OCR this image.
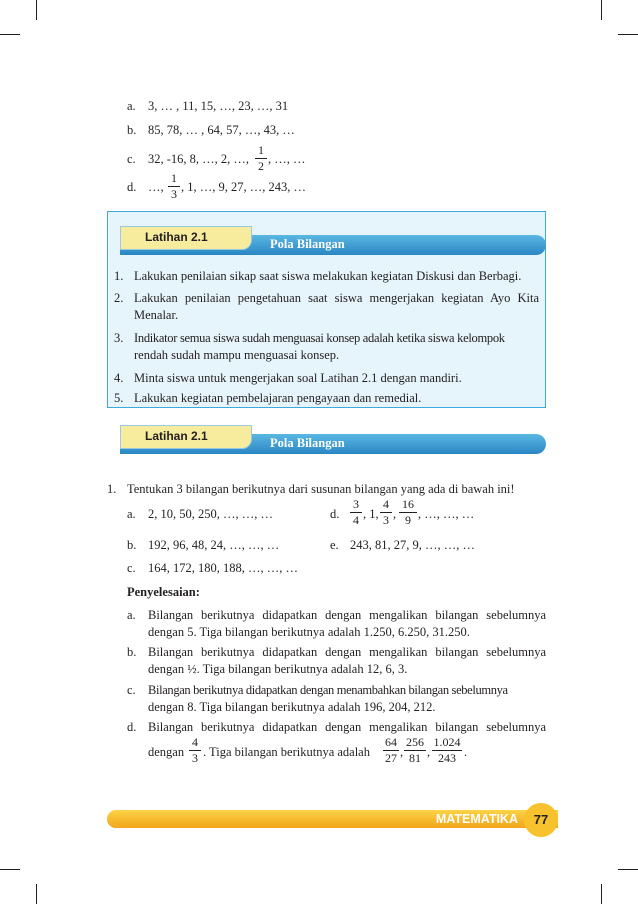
a. 3, … , 11, 15, …, 23, …, 31
b. 85, 78, … , 64, 57, …, 43, …
c. 32, -16, 8, …, 2, …,
1
2 , …, …
d. …,
1
3 , 1, …, 9, 27, …, 243, …
Pola Bilangan
Latihan 2.1
1. Lakukan penilaian sikap saat siswa melakukan kegiatan Diskusi dan Berbagi.
2. Lakukan penilaian pengetahuan saat siswa mengerjakan kegiatan Ayo Kita
Menalar.
3. Indikator semua siswa sudah menguasai konsep adalah ketika siswa kelompok
rendah sudah mampu menguasai konsep.
4. Minta siswa untuk mengerjakan soal Latihan 2.1 dengan mandiri.
5. Lakukan kegiatan pembelajaran pengayaan dan remedial.
Pola Bilangan
Latihan 2.1
1. Tentukan 3 bilangan berikutnya dari susunan bilangan yang ada di bawah ini!
a. 2, 10, 50, 250, …, …, …	d.
3
4 , 1,
4
3 ,
16
9 , …, …, …
b. 192, 96, 48, 24, …, …, …	e. 243, 81, 27, 9, …, …, …
c. 164, 172, 180, 188, …, …, …
Penyelesaian:
a. Bilangan berikutnya didapatkan dengan mengalikan bilangan sebelumnya
dengan 5. Tiga bilangan berikutnya adalah 1.250, 6.250, 31.250.
b. Bilangan berikutnya didapatkan dengan mengalikan bilangan sebelumnya
dengan ½. Tiga bilangan berikutnya adalah 12, 6, 3.
c. Bilangan berikutnya didapatkan dengan menambahkan bilangan sebelumnya
dengan 8. Tiga bilangan berikutnya adalah 196, 204, 212.
d. Bilangan berikutnya didapatkan dengan mengalikan bilangan sebelumnya
dengan
4
3 . Tiga bilangan berikutnya adalah
64
27 ,
256
81 ,
1.024
243 .
MATEMATIKA	77
